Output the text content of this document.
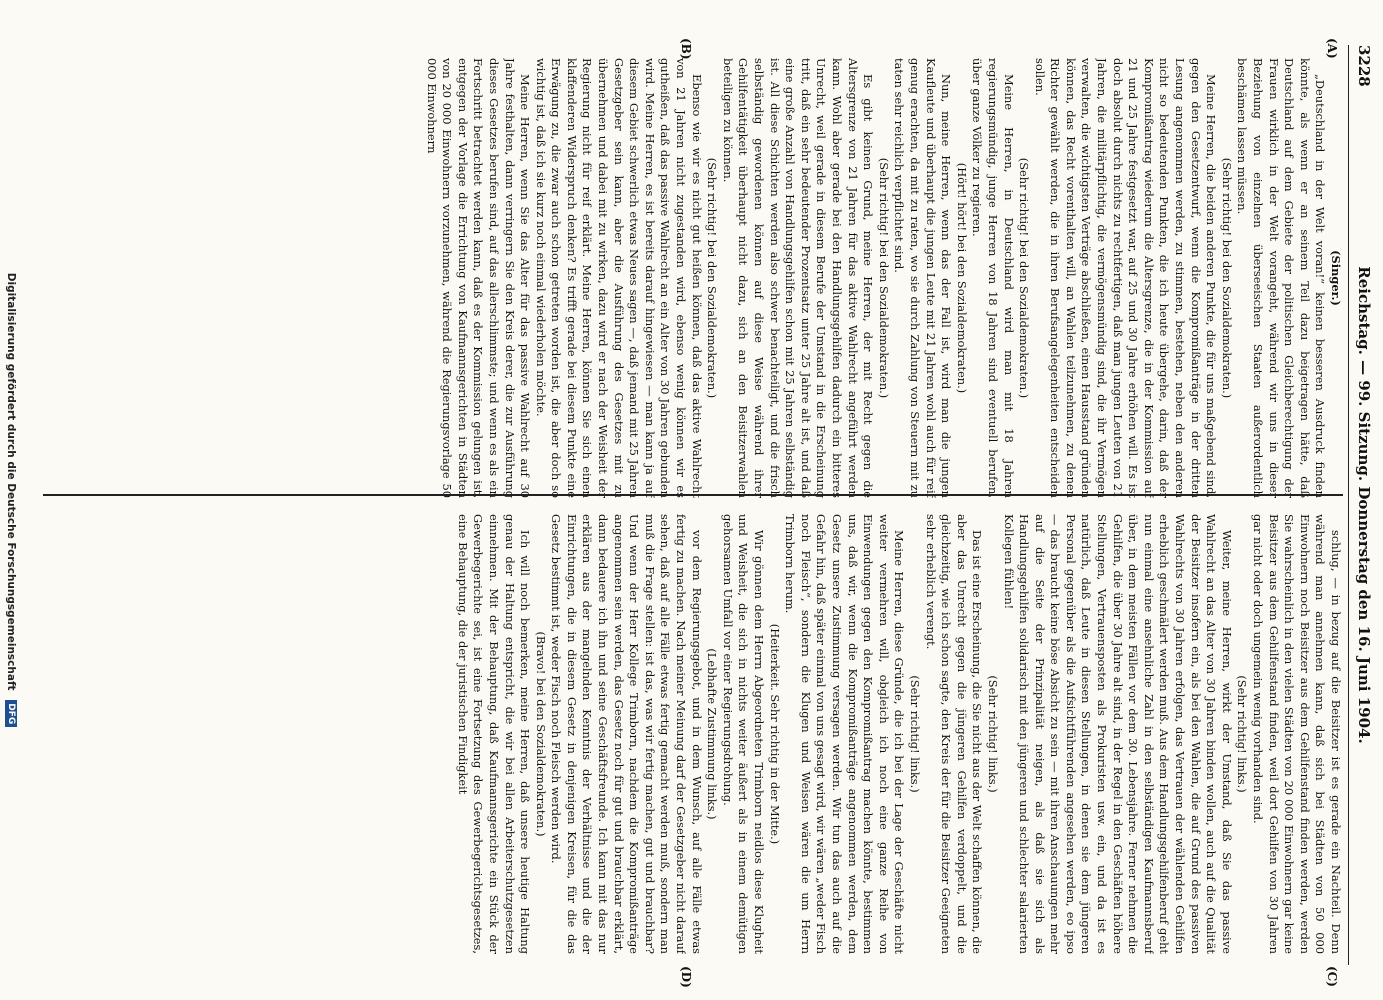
3228
Reichstag. — 99. Sitzung. Donnerstag den 16. Juni 1904.
(A)
(B)
(C)
(D)

(Singer.)

„Deutschland in der Welt voran!“ keinen besseren Ausdruck finden könnte, als wenn er an seinem Teil dazu beigetragen hätte, daß Deutschland auf dem Gebiete der politischen Gleichberechtigung der Frauen wirklich in der Welt vorangeht, während wir uns in dieser Beziehung von einzelnen überseeischen Staaten außerordentlich beschämen lassen müssen.

(Sehr richtig! bei den Sozialdemokraten.)

Meine Herren, die beiden anderen Punkte, die für uns maßgebend sind, gegen den Gesetzentwurf, wenn die Kompromißanträge in der dritten Lesung angenommen werden, zu stimmen, bestehen, neben den anderen nicht so bedeutenden Punkten, die ich heute übergehe, darin, daß der Kompromißantrag wiederum die Altersgrenze, die in der Kommission auf 21 und 25 Jahre festgesetzt war, auf 25 und 30 Jahre erhöhen will. Es ist doch absolut durch nichts zu rechtfertigen, daß man jungen Leuten von 21 Jahren, die militärpflichtig, die vermögensmündig sind, die ihr Vermögen verwalten, die wichtigsten Verträge abschließen, einen Hausstand gründen können, das Recht vorenthalten will, an Wahlen teilzunehmen, zu denen Richter gewählt werden, die in ihren Berufsangelegenheiten entscheiden sollen.

(Sehr richtig! bei den Sozialdemokraten.)

Meine Herren, in Deutschland wird man mit 18 Jahren regierungsmündig, junge Herren von 18 Jahren sind eventuell berufen, über ganze Völker zu regieren.

(Hört! hört! bei den Sozialdemokraten.)

Nun, meine Herren, wenn das der Fall ist, wird man die jungen Kaufleute und überhaupt die jungen Leute mit 21 Jahren wohl auch für reif genug erachten, da mit zu raten, wo sie durch Zahlung von Steuern mit zu taten sehr reichlich verpflichtet sind.

(Sehr richtig! bei den Sozialdemokraten.)

Es gibt keinen Grund, meine Herren, der mit Recht gegen die Altersgrenze von 21 Jahren für das aktive Wahlrecht angeführt werden kann. Wohl aber gerade bei den Handlungsgehilfen dadurch ein bitteres Unrecht, weil gerade in diesem Berufe der Umstand in die Erscheinung tritt, daß ein sehr bedeutender Prozentsatz unter 25 Jahre alt ist, und daß eine große Anzahl von Handlungsgehilfen schon mit 25 Jahren selbständig ist. All diese Schichten werden also schwer benachteiligt, und die frisch selbständig gewordenen können auf diese Weise während ihrer Gehilfentätigkeit überhaupt nicht dazu, sich an den Beisitzerwahlen beteiligen zu können.

(Sehr richtig! bei den Sozialdemokraten.)

Ebenso wie wir es nicht gut heißen können, daß das aktive Wahlrecht von 21 Jahren nicht zugestanden wird, ebenso wenig können wir es gutheißen, daß das passive Wahlrecht an ein Alter von 30 Jahren gebunden wird. Meine Herren, es ist bereits darauf hingewiesen — man kann ja auf diesem Gebiet schwerlich etwas Neues sagen —, daß jemand mit 25 Jahren Gesetzgeber sein kann, aber die Ausführung des Gesetzes mit zu übernehmen und dabei mit zu wirken, dazu wird er nach der Weisheit der Regierung nicht für reif erklärt. Meine Herren, können Sie sich einen klaffenderen Widerspruch denken? Es trifft gerade bei diesem Punkte eine Erwägung zu, die zwar auch schon getreten worden ist, die aber doch so wichtig ist, daß ich sie kurz noch einmal wiederholen möchte.

Meine Herren, wenn Sie das Alter für das passive Wahlrecht auf 30 Jahre festhalten, dann verringern Sie den Kreis derer, die zur Ausführung dieses Gesetzes berufen sind, auf das allerschlimmste; und wenn es als ein Fortschritt betrachtet werden kann, daß es der Kommission gelungen ist, entgegen der Vorlage die Errichtung von Kaufmannsgerichten in Städten von 20 000 Einwohnern vorzunehmen, während die Regierungsvorlage 50 000 Einwohnern

schlug, — in bezug auf die Beisitzer ist es gerade ein Nachteil. Denn während man annehmen kann, daß sich bei Städten von 50 000 Einwohnern noch Beisitzer aus dem Gehilfenstand finden werden, werden Sie wahrscheinlich in den vielen Städten von 20 000 Einwohnern gar keine Beisitzer aus dem Gehilfenstand finden, weil dort Gehilfen von 30 Jahren gar nicht oder doch ungemein wenig vorhanden sind.

(Sehr richtig! links.)

Weiter, meine Herren, wirkt der Umstand, daß Sie das passive Wahlrecht an das Alter von 30 Jahren binden wollen, auch auf die Qualität der Beisitzer insofern ein, als bei den Wahlen, die auf Grund des passiven Wahlrechts von 30 Jahren erfolgen, das Vertrauen der wählenden Gehilfen erheblich geschmälert werden muß. Aus dem Handlungsgehilfenberuf geht nun einmal eine ansehnliche Zahl in den selbständigen Kaufmannsberuf über, in dem meisten Fällen vor dem 30. Lebensjahre. Ferner nehmen die Gehilfen, die über 30 Jahre alt sind, in der Regel in den Geschäften höhere Stellungen, Vertrauensposten als Prokuristen usw. ein, und da ist es natürlich, daß Leute in diesen Stellungen, in denen sie dem jüngeren Personal gegenüber als die Aufsichtführenden angesehen werden, eo ipso — das braucht keine böse Absicht zu sein — mit ihren Anschauungen mehr auf die Seite der Prinzipalität neigen, als daß sie sich als Handlungsgehilfen solidarisch mit den jüngeren und schlechter salarierten Kollegen fühlen!

(Sehr richtig! links.)

Das ist eine Erscheinung, die Sie nicht aus der Welt schaffen können, die aber das Unrecht gegen die jüngeren Gehilfen verdoppelt, und die gleichzeitig, wie ich schon sagte, den Kreis der für die Beisitzer Geeigneten sehr erheblich verengt.

(Sehr richtig! links.)

Meine Herren, diese Gründe, die ich bei der Lage der Geschäfte nicht weiter vermehren will, obgleich ich noch eine ganze Reihe von Einwendungen gegen den Kompromißantrag machen könnte, bestimmen uns, daß wir, wenn die Kompromißanträge angenommen werden, dem Gesetz unsere Zustimmung versagen werden. Wir tun das auch auf die Gefahr hin, daß später einmal von uns gesagt wird, wir wären „weder Fisch noch Fleisch“, sondern die Klugen und Weisen wären die um Herrn Trimborn herum.

(Heiterkeit. Sehr richtig in der Mitte.)

Wir gönnen dem Herrn Abgeordneten Trimborn neidlos diese Klugheit und Weisheit, die sich in nichts weiter äußert als in einem demütigen gehorsamen Umfall vor einer Regierungsdrohung.

(Lebhafte Zustimmung links.)

vor dem Regierungsgebot, und in dem Wunsch, auf alle Fälle etwas fertig zu machen. Nach meiner Meinung darf der Gesetzgeber nicht darauf sehen, daß auf alle Fälle etwas fertig gemacht werden muß, sondern man muß die Frage stellen: ist das, was wir fertig machen, gut und brauchbar? Und wenn der Herr Kollege Trimborn, nachdem die Kompromißanträge angenommen sein werden, das Gesetz noch für gut und brauchbar erklärt, dann bedauere ich ihn und seine Geschäftsfreunde. Ich kann mit das nur erklären aus der mangelnden Kenntnis der Verhältnisse und die der Einrichtungen, die in diesem Gesetz in denjenigen Kreisen, für die das Gesetz bestimmt ist, weder Fisch noch Fleisch werden wird.

(Bravo! bei den Sozialdemokraten.)

Ich will noch bemerken, meine Herren, daß unsere heutige Haltung genau der Haltung entspricht, die wir bei allen Arbeiterschutzgesetzen einnehmen. Mit der Behauptung, daß Kaufmannsgerichte ein Stück der Gewerbegerichte sei, ist eine Fortsetzung des Gewerbegerichtsgesetzes, eine Behauptung, die der juristischen Findigkeit

Digitalisierung gefördert durch die Deutsche Forschungsgemeinschaft DFG
